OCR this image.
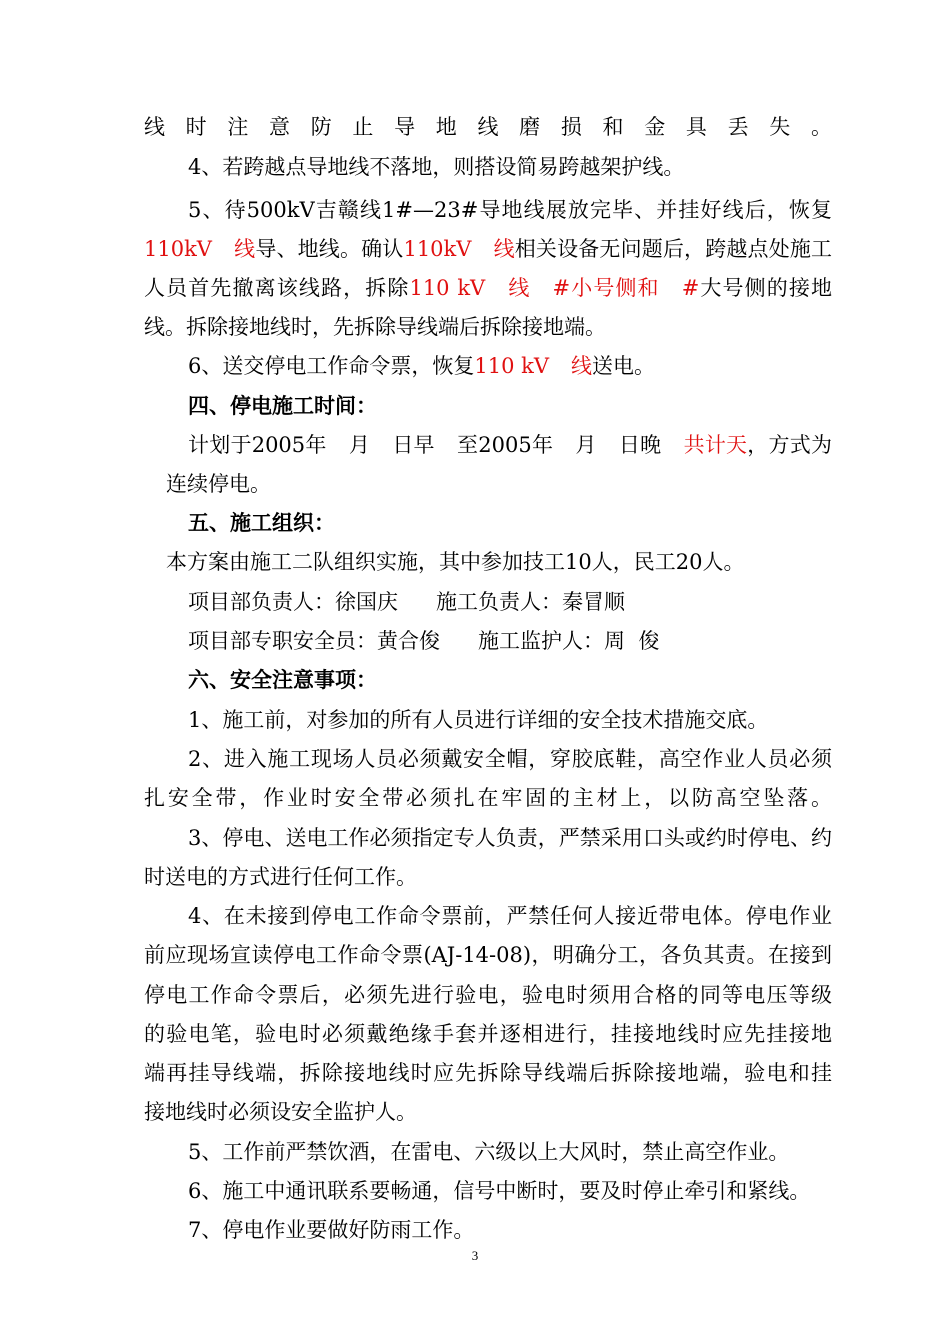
线时注意防止导地线磨损和金具丢失。
4、若跨越点导地线不落地，则搭设简易跨越架护线。
5、待500kV吉赣线1#—23#导地线展放完毕、并挂好线后，恢复
110kV 线导、地线。确认110kV 线相关设备无问题后，跨越点处施工
人员首先撤离该线路，拆除110 kV 线 #小号侧和 #大号侧的接地
线。拆除接地线时，先拆除导线端后拆除接地端。
6、送交停电工作命令票，恢复110 kV 线送电。
四、停电施工时间：
计划于2005年 月 日早 至2005年 月 日晚 共计天，方式为
连续停电。
五、施工组织：
本方案由施工二队组织实施，其中参加技工10人，民工20人。
项目部负责人：徐国庆 施工负责人：秦冒顺
项目部专职安全员：黄合俊 施工监护人：周  俊
六、安全注意事项：
1、施工前，对参加的所有人员进行详细的安全技术措施交底。
2、进入施工现场人员必须戴安全帽，穿胶底鞋，高空作业人员必须
扎安全带，作业时安全带必须扎在牢固的主材上，以防高空坠落。
3、停电、送电工作必须指定专人负责，严禁采用口头或约时停电、约
时送电的方式进行任何工作。
4、在未接到停电工作命令票前，严禁任何人接近带电体。停电作业
前应现场宣读停电工作命令票(AJ-14-08)，明确分工，各负其责。在接到
停电工作命令票后，必须先进行验电，验电时须用合格的同等电压等级
的验电笔，验电时必须戴绝缘手套并逐相进行，挂接地线时应先挂接地
端再挂导线端，拆除接地线时应先拆除导线端后拆除接地端，验电和挂
接地线时必须设安全监护人。
5、工作前严禁饮酒，在雷电、六级以上大风时，禁止高空作业。
6、施工中通讯联系要畅通，信号中断时，要及时停止牵引和紧线。
7、停电作业要做好防雨工作。
3
